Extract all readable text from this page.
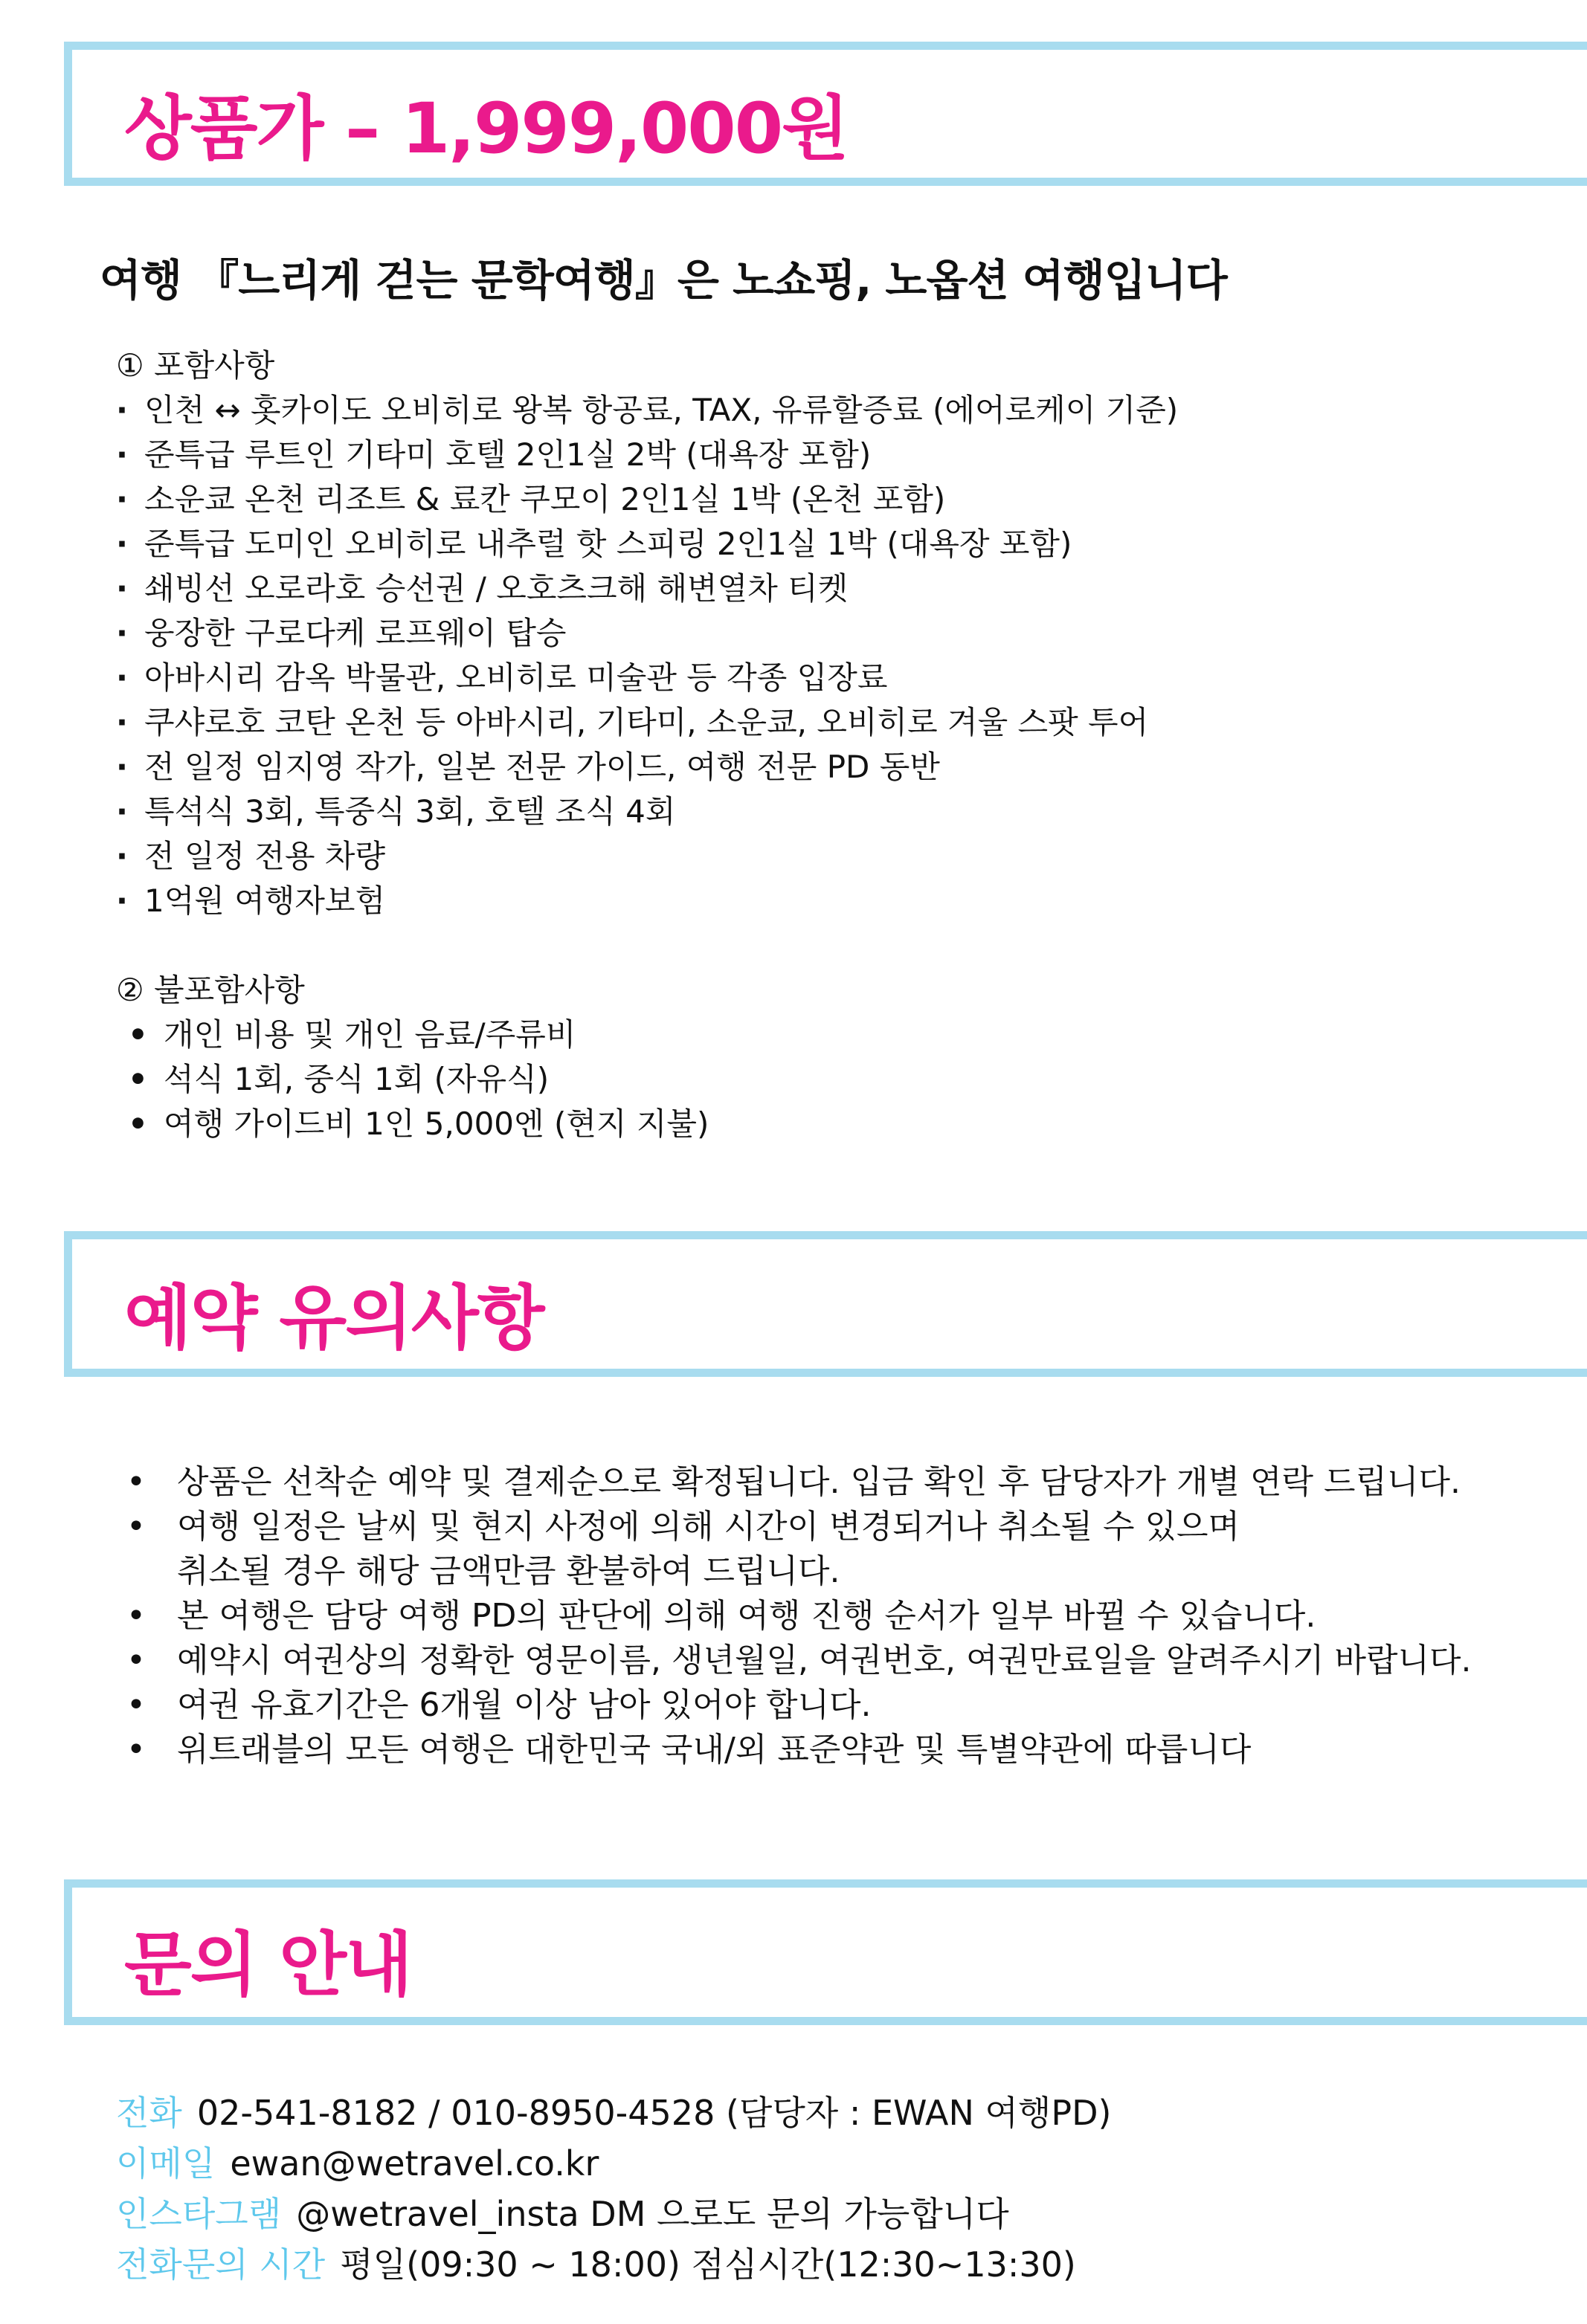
상품가 – 1,999,000원
여행 『느리게 걷는 문학여행』은 노쇼핑, 노옵션 여행입니다
① 포함사항
· 인천 ↔ 홋카이도 오비히로 왕복 항공료, TAX, 유류할증료 (에어로케이 기준)
· 준특급 루트인 기타미 호텔 2인1실 2박 (대욕장 포함)
· 소운쿄 온천 리조트 & 료칸 쿠모이 2인1실 1박 (온천 포함)
· 준특급 도미인 오비히로 내추럴 핫 스피링 2인1실 1박 (대욕장 포함)
· 쇄빙선 오로라호 승선권 / 오호츠크해 해변열차 티켓
· 웅장한 구로다케 로프웨이 탑승
· 아바시리 감옥 박물관, 오비히로 미술관 등 각종 입장료
· 쿠샤로호 코탄 온천 등 아바시리, 기타미, 소운쿄, 오비히로 겨울 스팟 투어
· 전 일정 임지영 작가, 일본 전문 가이드, 여행 전문 PD 동반
· 특석식 3회, 특중식 3회, 호텔 조식 4회
· 전 일정 전용 차량
· 1억원 여행자보험
② 불포함사항
• 개인 비용 및 개인 음료/주류비
• 석식 1회, 중식 1회 (자유식)
• 여행 가이드비 1인 5,000엔 (현지 지불)
예약 유의사항
• 상품은 선착순 예약 및 결제순으로 확정됩니다. 입금 확인 후 담당자가 개별 연락 드립니다.
• 여행 일정은 날씨 및 현지 사정에 의해 시간이 변경되거나 취소될 수 있으며
취소될 경우 해당 금액만큼 환불하여 드립니다.
• 본 여행은 담당 여행 PD의 판단에 의해 여행 진행 순서가 일부 바뀔 수 있습니다.
• 예약시 여권상의 정확한 영문이름, 생년월일, 여권번호, 여권만료일을 알려주시기 바랍니다.
• 여권 유효기간은 6개월 이상 남아 있어야 합니다.
• 위트래블의 모든 여행은 대한민국 국내/외 표준약관 및 특별약관에 따릅니다
문의 안내
전화 02-541-8182 / 010-8950-4528 (담당자 : EWAN 여행PD)
이메일 ewan@wetravel.co.kr
인스타그램 @wetravel_insta DM 으로도 문의 가능합니다
전화문의 시간 평일(09:30 ~ 18:00) 점심시간(12:30~13:30)
